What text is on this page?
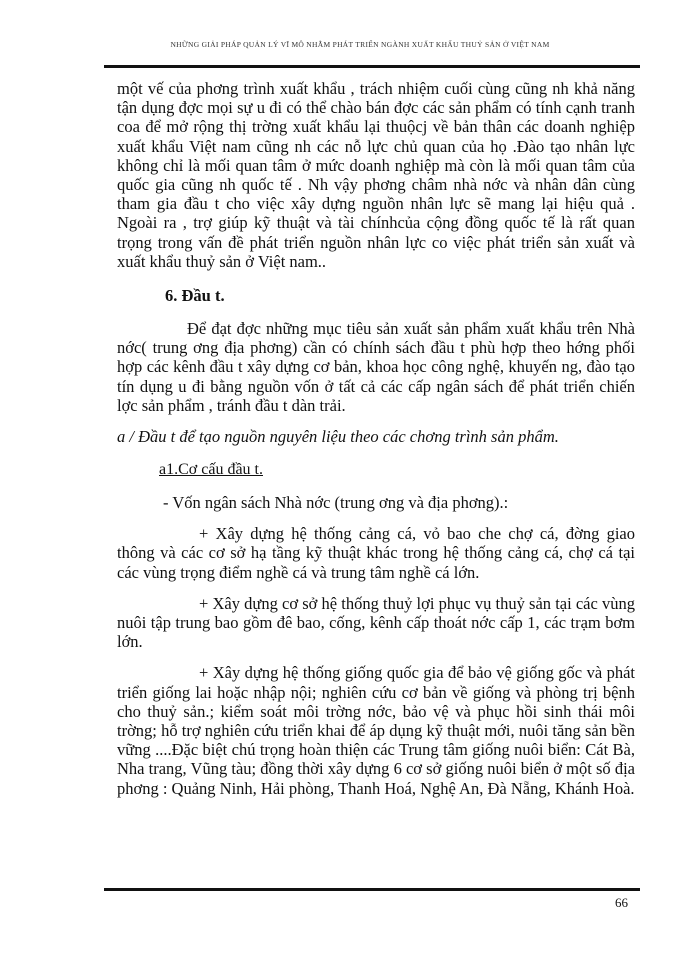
NHỮNG GIẢI PHÁP QUẢN LÝ VĨ MÔ NHẰM PHÁT TRIỂN NGÀNH XUẤT KHẨU THUỶ SẢN Ở VIỆT NAM

một vế của phơng trình xuất khẩu , trách nhiệm cuối cùng cũng nh khả năng tận dụng đợc mọi sự u đi có thể chào bán đợc các sản phẩm có tính cạnh tranh coa để mở rộng thị trờng xuất khẩu lại thuộcj về bản thân các doanh nghiệp xuất khẩu Việt nam cũng nh các nỗ lực chủ quan của họ .Đào tạo nhân lực không chỉ là mối quan tâm ở mức doanh nghiệp mà còn là mối quan tâm của quốc gia cũng nh quốc tế . Nh vậy phơng châm nhà nớc và nhân dân cùng tham gia đầu t cho việc xây dựng nguồn nhân lực sẽ mang lại hiệu quả . Ngoài ra , trợ giúp kỹ thuật và tài chínhcủa cộng đồng quốc tế là rất quan trọng trong vấn đề phát triển nguồn nhân lực co việc phát triển sản xuất và xuất khẩu thuỷ sản ở Việt nam..

6. Đầu t.

Để đạt đợc những mục tiêu sản xuất sản phẩm xuất khẩu trên Nhà nớc( trung ơng địa phơng) cần có chính sách đầu t phù hợp theo hớng phối hợp các kênh đầu t xây dựng cơ bản, khoa học công nghệ, khuyến ng, đào tạo tín dụng u đi bằng nguồn vốn ở tất cả các cấp ngân sách để phát triển chiến lợc sản phẩm , tránh đầu t dàn trải.

a / Đầu t để tạo nguồn nguyên liệu theo các chơng trình sản phẩm.

a1.Cơ cấu đầu t.
- Vốn ngân sách Nhà nớc (trung ơng và địa phơng).:

+ Xây dựng hệ thống cảng cá, vỏ bao che chợ cá, đờng giao thông và các cơ sở hạ tầng kỹ thuật khác trong hệ thống cảng cá, chợ cá tại các vùng trọng điểm nghề cá và trung tâm nghề cá lớn.

+ Xây dựng cơ sở hệ thống thuỷ lợi phục vụ thuỷ sản tại các vùng nuôi tập trung bao gồm đê bao, cống, kênh cấp thoát nớc cấp 1, các trạm bơm lớn.

+ Xây dựng hệ thống giống quốc gia để bảo vệ giống gốc và phát triển giống lai hoặc nhập nội; nghiên cứu cơ bản về giống và phòng trị bệnh cho thuỷ sản.; kiểm soát môi trờng nớc, bảo vệ và phục hồi sinh thái môi trờng; hỗ trợ nghiên cứu triển khai để áp dụng kỹ thuật mới, nuôi tăng sản bền vững ....Đặc biệt chú trọng hoàn thiện các Trung tâm giống nuôi biển: Cát Bà, Nha trang, Vũng tàu; đồng thời xây dựng 6 cơ sở giống nuôi biển ở một số địa phơng : Quảng Ninh, Hải phòng, Thanh Hoá, Nghệ An, Đà Nẵng, Khánh Hoà.

66
